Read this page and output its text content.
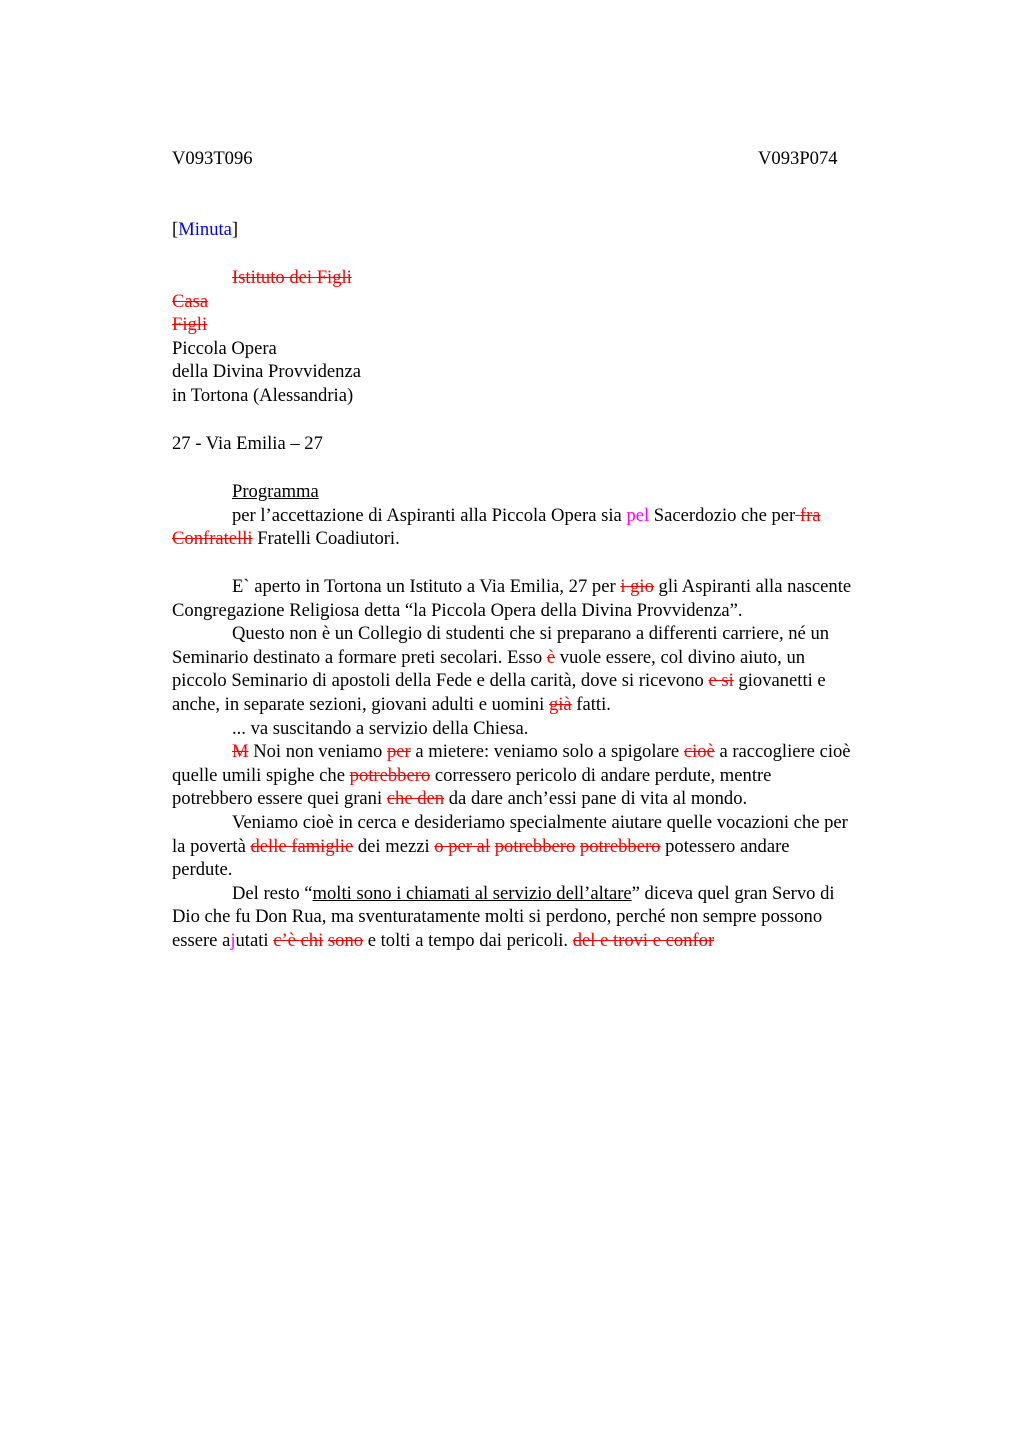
V093T096	V093P074
[Minuta]
Istituto dei Figli
Casa
Figli
Piccola Opera
della Divina Provvidenza
in Tortona (Alessandria)
27 - Via Emilia – 27
Programma
per l’accettazione di Aspiranti alla Piccola Opera sia pel Sacerdozio che per fra
Confratelli Fratelli Coadiutori.
E` aperto in Tortona un Istituto a Via Emilia, 27 per i gio gli Aspiranti alla nascente
Congregazione Religiosa detta “la Piccola Opera della Divina Provvidenza”.
Questo non è un Collegio di studenti che si preparano a differenti carriere, né un
Seminario destinato a formare preti secolari. Esso è vuole essere, col divino aiuto, un
piccolo Seminario di apostoli della Fede e della carità, dove si ricevono e si giovanetti e
anche, in separate sezioni, giovani adulti e uomini già fatti.
... va suscitando a servizio della Chiesa.
M Noi non veniamo per a mietere: veniamo solo a spigolare cioè a raccogliere cioè
quelle umili spighe che potrebbero corressero pericolo di andare perdute, mentre
potrebbero essere quei grani che den da dare anch’essi pane di vita al mondo.
Veniamo cioè in cerca e desideriamo specialmente aiutare quelle vocazioni che per
la povertà delle famiglie dei mezzi o per al potrebbero potrebbero potessero andare
perdute.
Del resto “molti sono i chiamati al servizio dell’altare” diceva quel gran Servo di
Dio che fu Don Rua, ma sventuratamente molti si perdono, perché non sempre possono
essere ajutati c’è chi sono e tolti a tempo dai pericoli. del e trovi e confor
